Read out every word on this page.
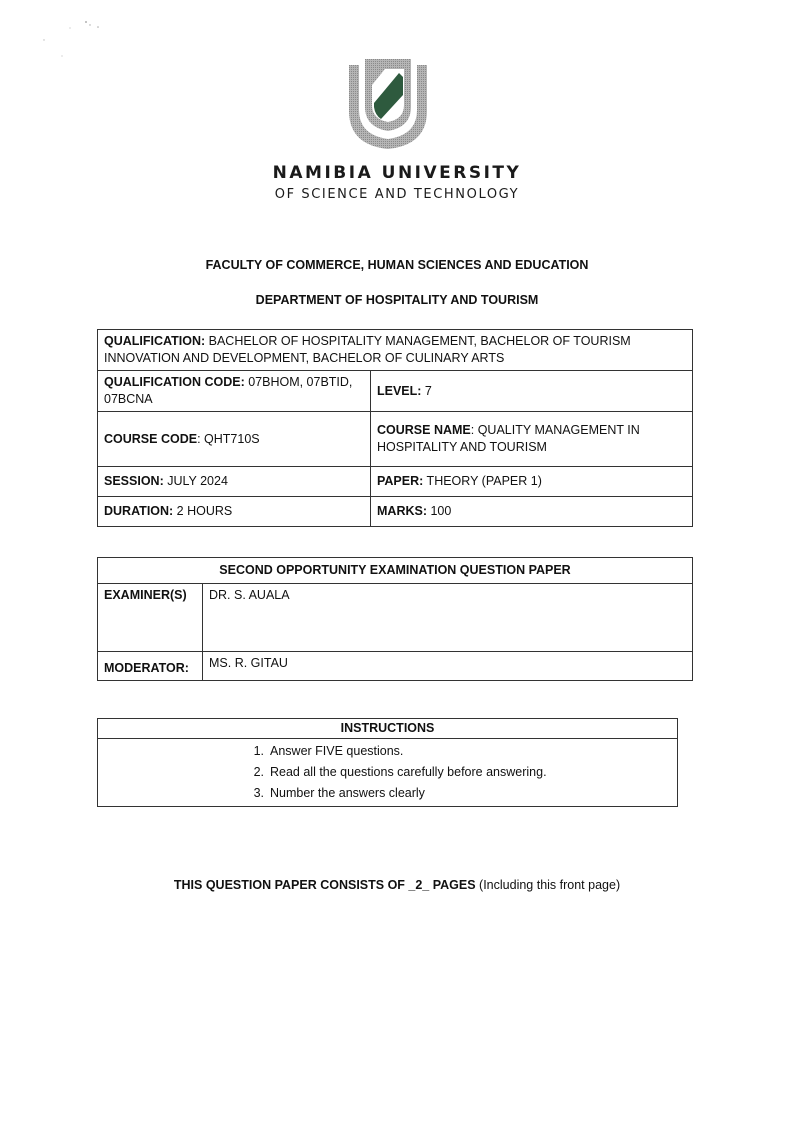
NAMIBIA UNIVERSITY
OF SCIENCE AND TECHNOLOGY
FACULTY OF COMMERCE, HUMAN SCIENCES AND EDUCATION
DEPARTMENT OF HOSPITALITY AND TOURISM
QUALIFICATION: BACHELOR OF HOSPITALITY MANAGEMENT, BACHELOR OF TOURISM INNOVATION AND DEVELOPMENT, BACHELOR OF CULINARY ARTS	
QUALIFICATION CODE: 07BHOM, 07BTID, 07BCNA	LEVEL: 7
COURSE CODE: QHT710S	COURSE NAME: QUALITY MANAGEMENT IN HOSPITALITY AND TOURISM
SESSION: JULY 2024	PAPER: THEORY (PAPER 1)
DURATION: 2 HOURS	MARKS: 100
SECOND OPPORTUNITY EXAMINATION QUESTION PAPER	
EXAMINER(S)	DR. S. AUALA
MODERATOR:	MS. R. GITAU
INSTRUCTIONS

1. Answer FIVE questions.
2. Read all the questions carefully before answering.
3. Number the answers clearly
THIS QUESTION PAPER CONSISTS OF _2_ PAGES (Including this front page)
